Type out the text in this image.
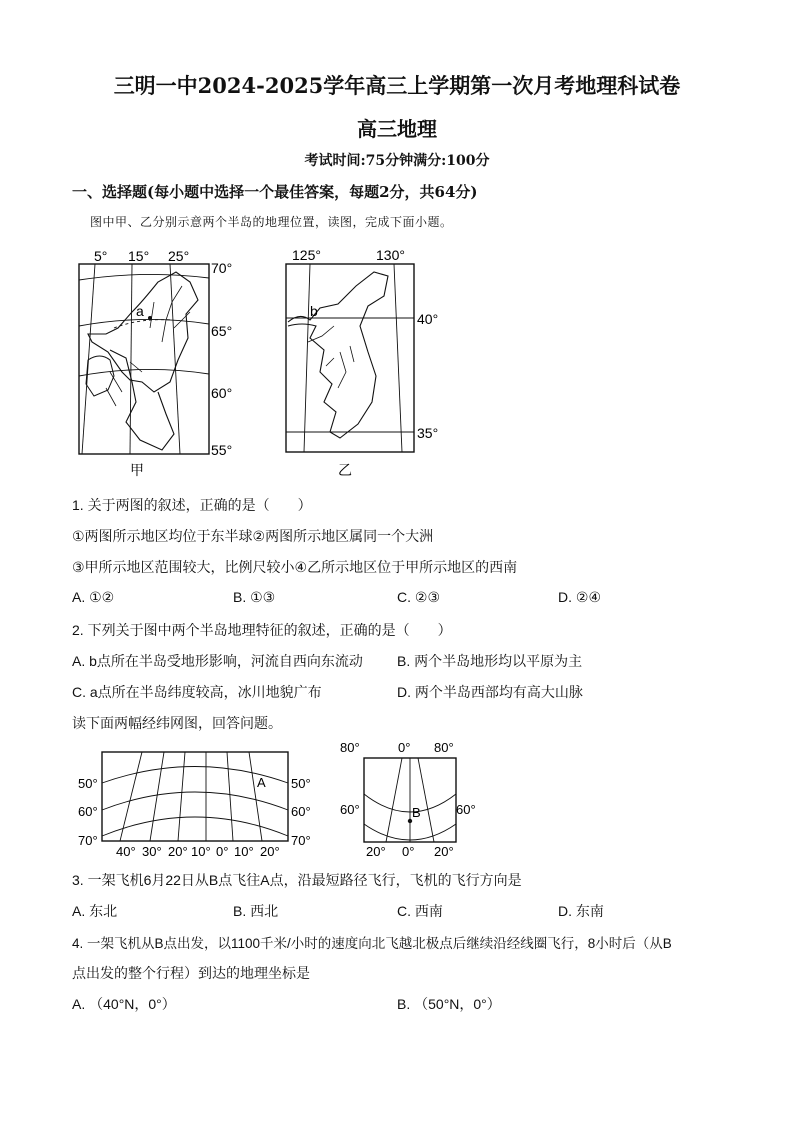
三明一中2024-2025学年高三上学期第一次月考地理科试卷
高三地理
考试时间:75分钟满分:100分
一、选择题(每小题中选择一个最佳答案，每题2分，共64分)
图中甲、乙分别示意两个半岛的地理位置，读图，完成下面小题。
5° 15° 25°
a
70°
65°
60°
55°
甲
125°	130°
b	40°
35°
乙
1. 关于两图的叙述，正确的是（　　）
①两图所示地区均位于东半球②两图所示地区属同一个大洲
③甲所示地区范围较大，比例尺较小④乙所示地区位于甲所示地区的西南
A. ①②	B. ①③	C. ②③	D. ②④
2. 下列关于图中两个半岛地理特征的叙述，正确的是（　　）
A. b点所在半岛受地形影响，河流自西向东流动 B. 两个半岛地形均以平原为主
C. a点所在半岛纬度较高，冰川地貌广布	D. 两个半岛西部均有高大山脉
读下面两幅经纬网图，回答问题。
A
50°
60°
70°
50°
60°
70°
40° 30° 20° 10° 0° 10° 20°
80°	0° 80°
B
60°	60°
20° 0° 20°
3. 一架飞机6月22日从B点飞往A点，沿最短路径飞行，飞机的飞行方向是
A. 东北	B. 西北	C. 西南	D. 东南
4. 一架飞机从B点出发，以1100千米/小时的速度向北飞越北极点后继续沿经线圈飞行，8小时后（从B
点出发的整个行程）到达的地理坐标是
A. （40°N，0°）	B. （50°N，0°）
